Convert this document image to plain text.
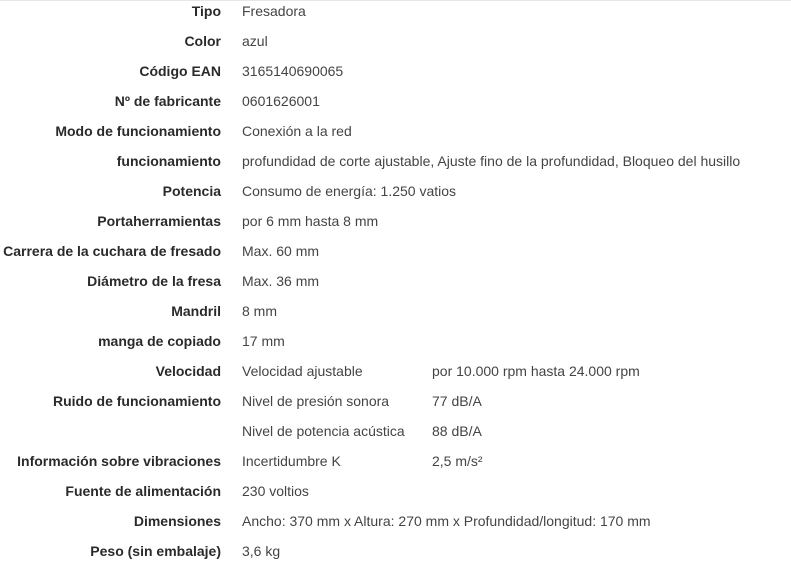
Tipo	Fresadora	
Color	azul	
Código EAN	3165140690065	
Nº de fabricante	0601626001	
Modo de funcionamiento	Conexión a la red	
funcionamiento	profundidad de corte ajustable, Ajuste fino de la profundidad, Bloqueo del husillo	
Potencia	Consumo de energía: 1.250 vatios	
Portaherramientas	por 6 mm hasta 8 mm	
Carrera de la cuchara de fresado	Max. 60 mm	
Diámetro de la fresa	Max. 36 mm	
Mandril	8 mm	
manga de copiado	17 mm	
Velocidad	Velocidad ajustable	por 10.000 rpm hasta 24.000 rpm
Ruido de funcionamiento	Nivel de presión sonora	77 dB/A
	Nivel de potencia acústica	88 dB/A
Información sobre vibraciones	Incertidumbre K	2,5 m/s²
Fuente de alimentación	230 voltios	
Dimensiones	Ancho: 370 mm x Altura: 270 mm x Profundidad/longitud: 170 mm	
Peso (sin embalaje)	3,6 kg	
